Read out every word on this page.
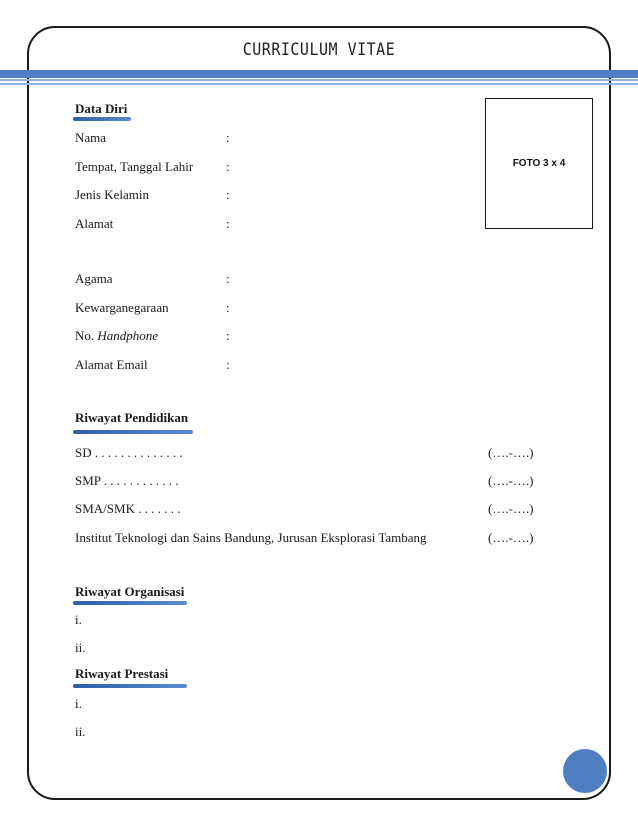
CURRICULUM VITAE
FOTO 3 x 4
Data Diri
Nama	:
Tempat, Tanggal Lahir	:
Jenis Kelamin	:
Alamat	:
Agama	:
Kewarganegaraan	:
No. Handphone	:
Alamat Email	:
Riwayat Pendidikan
SD . . . . . . . . . . . . . .	(….-….)
SMP . . . . . . . . . . . .	(….-….)
SMA/SMK . . . . . . .	(….-….)
Institut Teknologi dan Sains Bandung, Jurusan Eksplorasi Tambang	(….-….)
Riwayat Organisasi
i.
ii.
Riwayat Prestasi
i.
ii.
